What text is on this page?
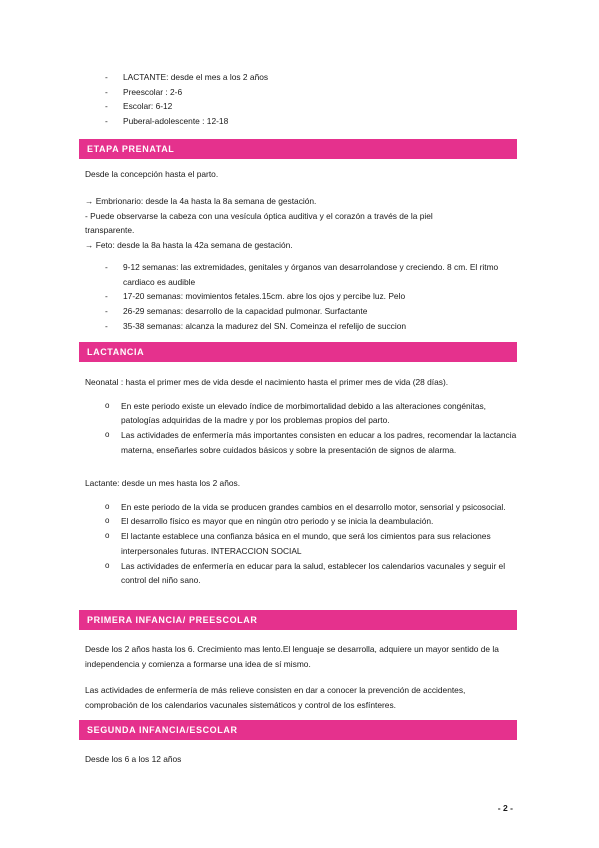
- LACTANTE: desde el mes a los 2 años
- Preescolar : 2-6
- Escolar: 6-12
- Puberal-adolescente : 12-18
ETAPA PRENATAL

Desde la concepción hasta el parto.

→ Embrionario: desde la 4a hasta la 8a semana de gestación.

- Puede observarse la cabeza con una vesícula óptica auditiva y el corazón a través de la piel

transparente.

→ Feto: desde la 8a hasta la 42a semana de gestación.

- 9-12 semanas: las extremidades, genitales y órganos van desarrolandose y creciendo. 8 cm. El ritmo cardiaco es audible
- 17-20 semanas: movimientos fetales.15cm. abre los ojos y percibe luz. Pelo
- 26-29 semanas: desarrollo de la capacidad pulmonar. Surfactante
- 35-38 semanas: alcanza la madurez del SN. Comeinza el refelijo de succion
LACTANCIA

Neonatal : hasta el primer mes de vida desde el nacimiento hasta el primer mes de vida (28 días).

o En este periodo existe un elevado índice de morbimortalidad debido a las alteraciones congénitas, patologías adquiridas de la madre y por los problemas propios del parto.
o Las actividades de enfermería más importantes consisten en educar a los padres, recomendar la lactancia materna, enseñarles sobre cuidados básicos y sobre la presentación de signos de alarma.

Lactante: desde un mes hasta los 2 años.

o En este periodo de la vida se producen grandes cambios en el desarrollo motor, sensorial y psicosocial.
o El desarrollo físico es mayor que en ningún otro periodo y se inicia la deambulación.
o El lactante establece una confianza básica en el mundo, que será los cimientos para sus relaciones interpersonales futuras. INTERACCION SOCIAL
o Las actividades de enfermería en educar para la salud, establecer los calendarios vacunales y seguir el control del niño sano.
PRIMERA INFANCIA/ PREESCOLAR

Desde los 2 años hasta los 6. Crecimiento mas lento.El lenguaje se desarrolla, adquiere un mayor sentido de la independencia y comienza a formarse una idea de sí mismo.

Las actividades de enfermería de más relieve consisten en dar a conocer la prevención de accidentes, comprobación de los calendarios vacunales sistemáticos y control de los esfínteres.

SEGUNDA INFANCIA/ESCOLAR

Desde los 6 a los 12 años

- 2 -
